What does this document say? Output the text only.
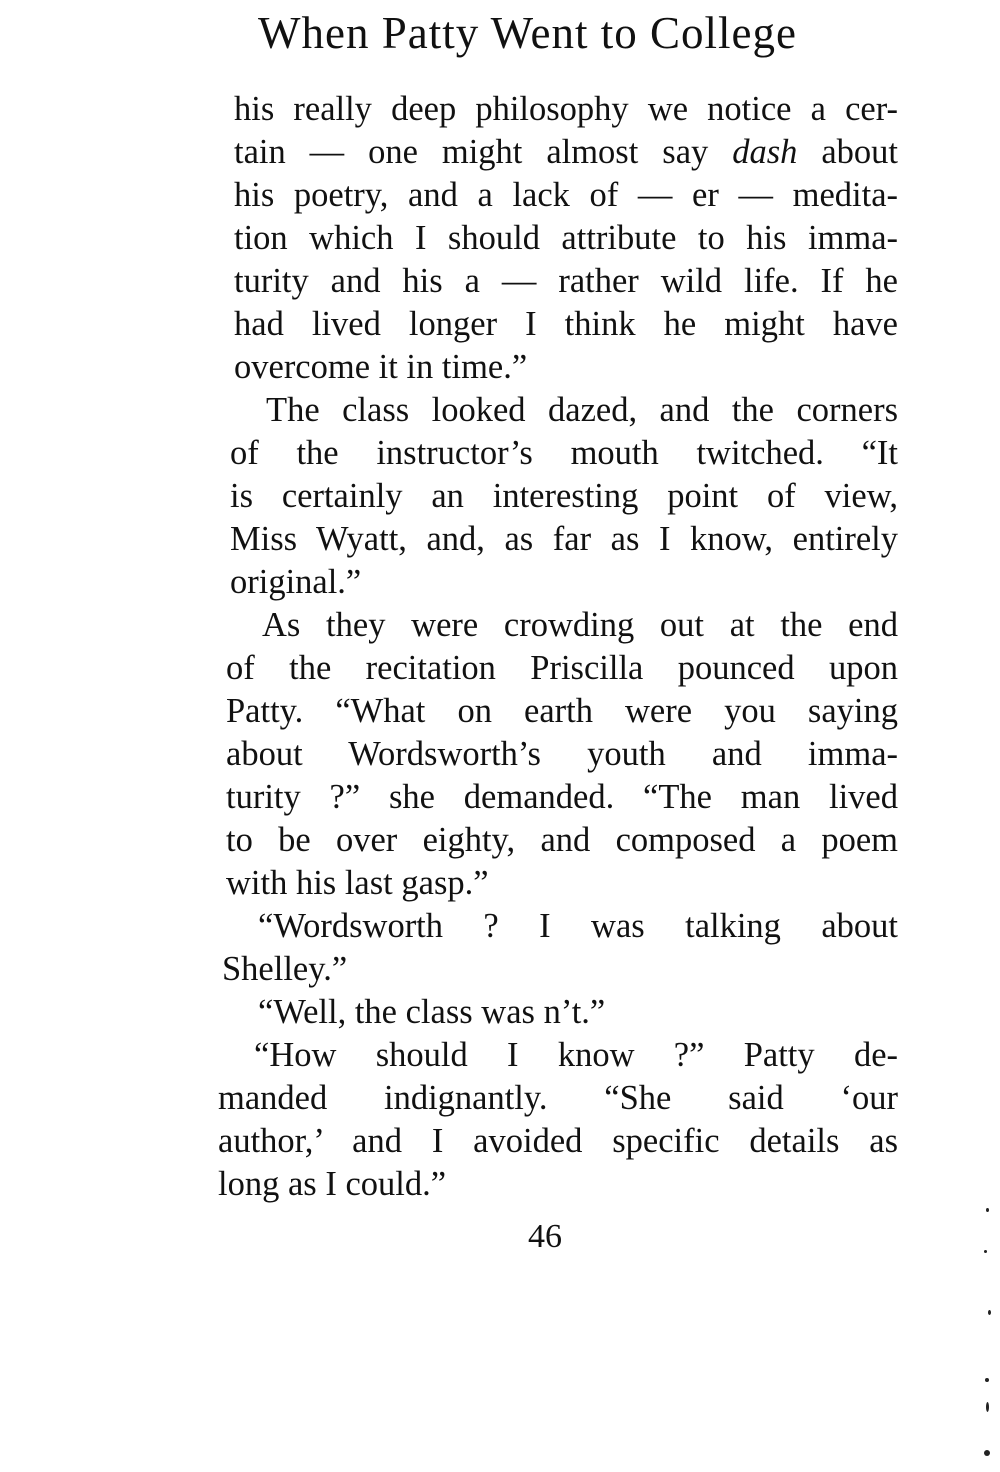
When Patty Went to College
his really deep philosophy we notice a cer-
tain — one might almost say dash about
his poetry, and a lack of — er — medita-
tion which I should attribute to his imma-
turity and his a — rather wild life. If he
had lived longer I think he might have
overcome it in time.”
The class looked dazed, and the corners
of the instructor’s mouth twitched. “It
is certainly an interesting point of view,
Miss Wyatt, and, as far as I know, entirely
original.”
As they were crowding out at the end
of the recitation Priscilla pounced upon
Patty. “What on earth were you saying
about Wordsworth’s youth and imma-
turity ?” she demanded. “The man lived
to be over eighty, and composed a poem
with his last gasp.”
“Wordsworth ? I was talking about
Shelley.”
“Well, the class was n’t.”
“How should I know ?” Patty de-
manded indignantly. “She said ‘our
author,’ and I avoided specific details as
long as I could.”
46
